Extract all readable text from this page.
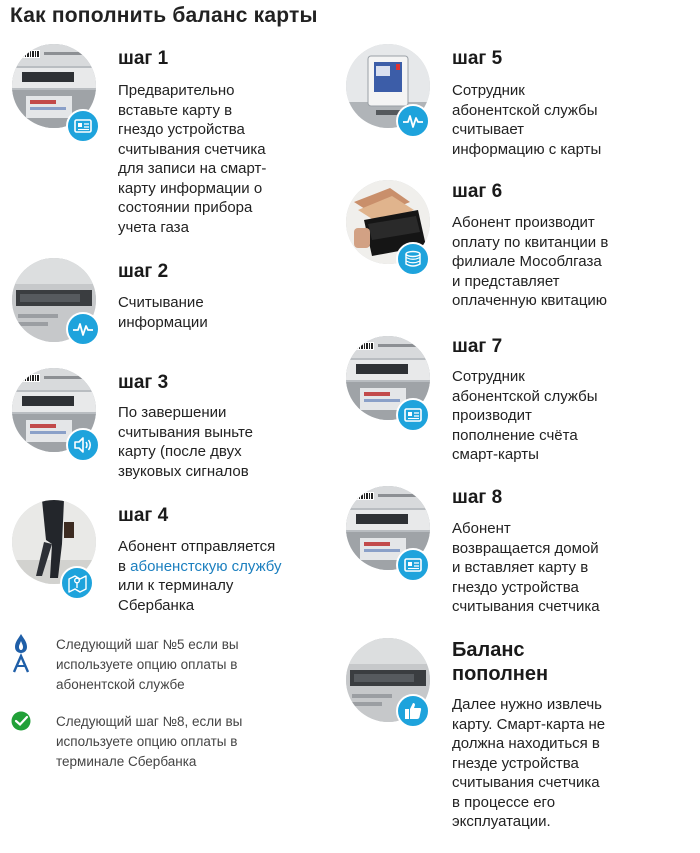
Как пополнить баланс карты
шаг 1
Предварительно
вставьте карту в
гнездо устройства
считывания счетчика
для записи на смарт-
карту информации о
состоянии прибора
учета газа
шаг 2
Считывание
информации
шаг 3
По завершении
считывания выньте
карту (после двух
звуковых сигналов
шаг 4
Абонент отправляется
в абоненстскую службу
или к терминалу
Сбербанка
Следующий шаг №5 если вы
используете опцию оплаты в
абонентской службе
Следующий шаг №8, если вы
используете опцию оплаты в
терминале Сбербанка
шаг 5
Сотрудник
абонентской службы
считывает
информацию с карты
шаг 6
Абонент производит
оплату по квитанции в
филиале Мособлгаза
и представляет
оплаченную квитацию
шаг 7
Сотрудник
абонентской службы
производит
пополнение счёта
смарт-карты
шаг 8
Абонент
возвращается домой
и вставляет карту в
гнездо устройства
считывания счетчика
Баланс
пополнен
Далее нужно извлечь
карту. Смарт-карта не
должна находиться в
гнезде устройства
считывания счетчика
в процессе его
эксплуатации.
